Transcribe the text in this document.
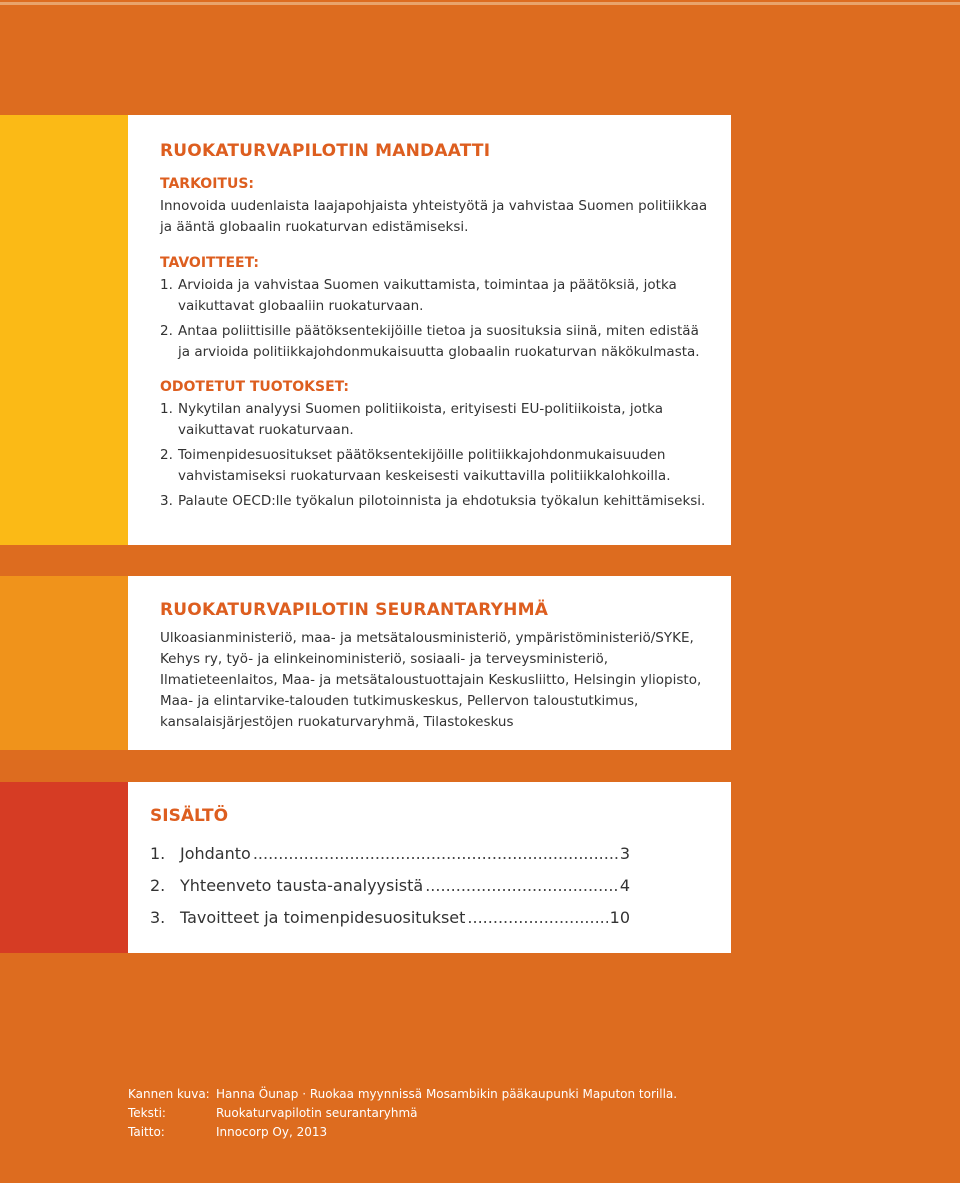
RUOKATURVAPILOTIN MANDAATTI
TARKOITUS:
Innovoida uudenlaista laajapohjaista yhteistyötä ja vahvistaa Suomen politiikkaa ja ääntä globaalin ruokaturvan edistämiseksi.
TAVOITTEET:
1. Arvioida ja vahvistaa Suomen vaikuttamista, toimintaa ja päätöksiä, jotka vaikuttavat globaaliin ruokaturvaan.
2. Antaa poliittisille päätöksentekijöille tietoa ja suosituksia siinä, miten edistää ja arvioida politiikkajohdonmukaisuutta globaalin ruokaturvan näkökulmasta.
ODOTETUT TUOTOKSET:
1. Nykytilan analyysi Suomen politiikoista, erityisesti EU-politiikoista, jotka vaikuttavat ruokaturvaan.
2. Toimenpidesuositukset päätöksentekijöille politiikkajohdonmukaisuuden vahvistamiseksi ruokaturvaan keskeisesti vaikuttavilla politiikkalohkoilla.
3. Palaute OECD:lle työkalun pilotoinnista ja ehdotuksia työkalun kehittämiseksi.
RUOKATURVAPILOTIN SEURANTARYHMÄ
Ulkoasianministeriö, maa- ja metsätalousministeriö, ympäristöministeriö/SYKE, Kehys ry, työ- ja elinkeinoministeriö, sosiaali- ja terveysministeriö, Ilmatieteenlaitos, Maa- ja metsätaloustuottajain Keskusliitto, Helsingin yliopisto, Maa- ja elintarvike-talouden tutkimuskeskus, Pellervon taloustutkimus, kansalaisjärjestöjen ruokaturvaryhmä, Tilastokeskus
SISÄLTÖ
1. Johdanto .....	3
2. Yhteenveto tausta-analyysistä .....	4
3. Tavoitteet ja toimenpidesuositukset .....	10
Kannen kuva: Hanna Öunap · Ruokaa myynnissä Mosambikin pääkaupunki Maputon torilla.
Teksti:	Ruokaturvapilotin seurantaryhmä
Taitto:	Innocorp Oy, 2013
